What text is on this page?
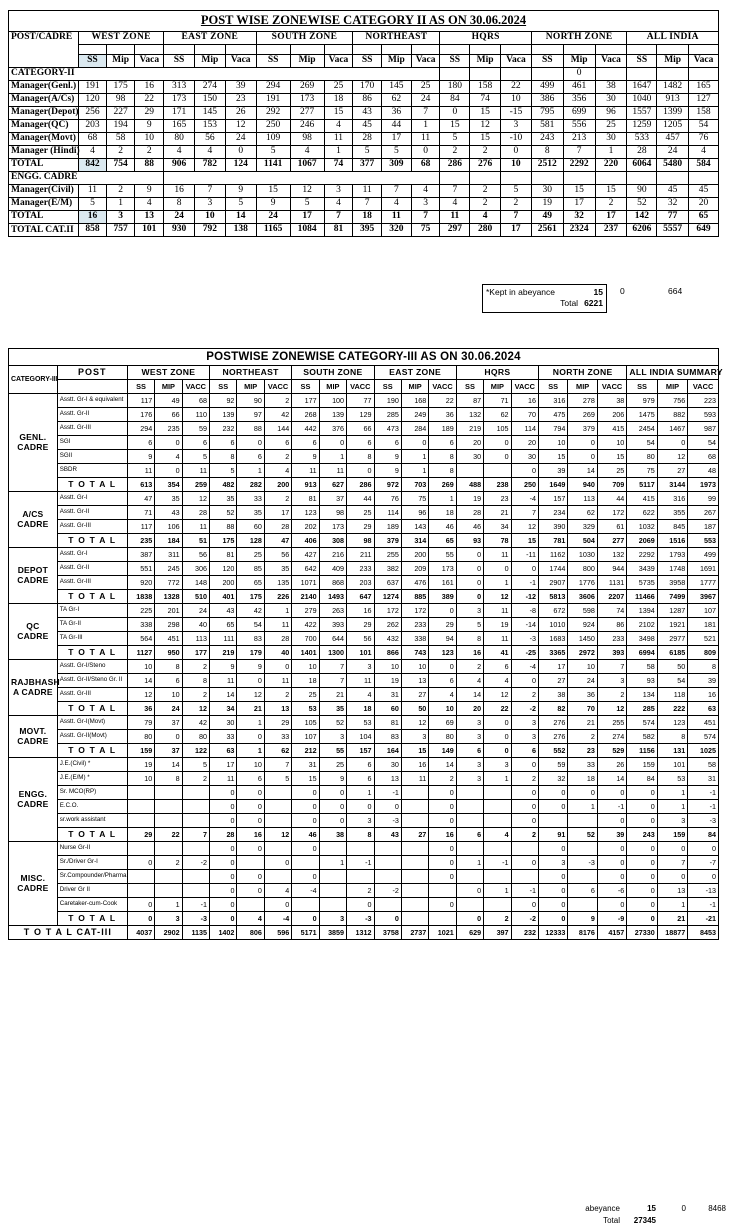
POST WISE ZONEWISE CATEGORY II AS ON 30.06.2024
POST/CADRE	WEST ZONE			EAST ZONE			SOUTH ZONE			NORTHEAST			HQRS			NORTH ZONE			ALL INDIA		

	SS	Mip	Vaca	SS	Mip	Vaca	SS	Mip	Vaca	SS	Mip	Vaca	SS	Mip	Vaca	SS	Mip	Vaca	SS	Mip	Vaca
CATEGORY-II																	0				
Manager(Genl.)	191	175	16	313	274	39	294	269	25	170	145	25	180	158	22	499	461	38	1647	1482	165
Manager(A/Cs)	120	98	22	173	150	23	191	173	18	86	62	24	84	74	10	386	356	30	1040	913	127
Manager(Depot)	256	227	29	171	145	26	292	277	15	43	36	7	0	15	-15	795	699	96	1557	1399	158
Manager(QC)	203	194	9	165	153	12	250	246	4	45	44	1	15	12	3	581	556	25	1259	1205	54
Manager(Movt)	68	58	10	80	56	24	109	98	11	28	17	11	5	15	-10	243	213	30	533	457	76
Manager (Hindi)	4	2	2	4	4	0	5	4	1	5	5	0	2	2	0	8	7	1	28	24	4
TOTAL	842	754	88	906	782	124	1141	1067	74	377	309	68	286	276	10	2512	2292	220	6064	5480	584
ENGG. CADRE																					
Manager(Civil)	11	2	9	16	7	9	15	12	3	11	7	4	7	2	5	30	15	15	90	45	45
Manager(E/M)	5	1	4	8	3	5	9	5	4	7	4	3	4	2	2	19	17	2	52	32	20
TOTAL	16	3	13	24	10	14	24	17	7	18	11	7	11	4	7	49	32	17	142	77	65
TOTAL CAT.II	858	757	101	930	792	138	1165	1084	81	395	320	75	297	280	17	2561	2324	237	6206	5557	649
*Kept in abeyance	15
Total 6221
0	664
POSTWISE ZONEWISE CATEGORY-III AS ON 30.06.2024
CATEGORY-III	POST	WEST ZONE			NORTHEAST			SOUTH ZONE			EAST ZONE			HQRS			NORTH ZONE			ALL INDIA SUMMARY		
		SS	MIP	VACC	SS	MIP	VACC	SS	MIP	VACC	SS	MIP	VACC	SS	MIP	VACC	SS	MIP	VACC	SS	MIP	VACC
GENL.
CADRE	Asstt. Gr-I & equivalent	117	49	68	92	90	2	177	100	77	190	168	22	87	71	16	316	278	38	979	756	223
	Asstt. Gr-II	176	66	110	139	97	42	268	139	129	285	249	36	132	62	70	475	269	206	1475	882	593
	Asstt. Gr-III	294	235	59	232	88	144	442	376	66	473	284	189	219	105	114	794	379	415	2454	1467	987
	SGI	6	0	6	6	0	6	6	0	6	6	0	6	20	0	20	10	0	10	54	0	54
	SGII	9	4	5	8	6	2	9	1	8	9	1	8	30	0	30	15	0	15	80	12	68
	SBDR	11	0	11	5	1	4	11	11	0	9	1	8			0	39	14	25	75	27	48
	T O T A L	613	354	259	482	282	200	913	627	286	972	703	269	488	238	250	1649	940	709	5117	3144	1973
A/CS
CADRE	Asstt. Gr-I	47	35	12	35	33	2	81	37	44	76	75	1	19	23	-4	157	113	44	415	316	99
	Asstt. Gr-II	71	43	28	52	35	17	123	98	25	114	96	18	28	21	7	234	62	172	622	355	267
	Asstt. Gr-III	117	106	11	88	60	28	202	173	29	189	143	46	46	34	12	390	329	61	1032	845	187
	T O T A L	235	184	51	175	128	47	406	308	98	379	314	65	93	78	15	781	504	277	2069	1516	553
DEPOT
CADRE	Asstt. Gr-I	387	311	56	81	25	56	427	216	211	255	200	55	0	11	-11	1162	1030	132	2292	1793	499
	Asstt. Gr-II	551	245	306	120	85	35	642	409	233	382	209	173	0	0	0	1744	800	944	3439	1748	1691
	Asstt. Gr-III	920	772	148	200	65	135	1071	868	203	637	476	161	0	1	-1	2907	1776	1131	5735	3958	1777
	T O T A L	1838	1328	510	401	175	226	2140	1493	647	1274	885	389	0	12	-12	5813	3606	2207	11466	7499	3967
QC
CADRE	TA Gr-I	225	201	24	43	42	1	279	263	16	172	172	0	3	11	-8	672	598	74	1394	1287	107
	TA Gr-II	338	298	40	65	54	11	422	393	29	262	233	29	5	19	-14	1010	924	86	2102	1921	181
	TA Gr-III	564	451	113	111	83	28	700	644	56	432	338	94	8	11	-3	1683	1450	233	3498	2977	521
	T O T A L	1127	950	177	219	179	40	1401	1300	101	866	743	123	16	41	-25	3365	2972	393	6994	6185	809
RAJBHASH
A CADRE	Asstt. Gr-I/Steno	10	8	2	9	9	0	10	7	3	10	10	0	2	6	-4	17	10	7	58	50	8
	Asstt. Gr-II/Steno Gr. II	14	6	8	11	0	11	18	7	11	19	13	6	4	4	0	27	24	3	93	54	39
	Asstt. Gr-III	12	10	2	14	12	2	25	21	4	31	27	4	14	12	2	38	36	2	134	118	16
	T O T A L	36	24	12	34	21	13	53	35	18	60	50	10	20	22	-2	82	70	12	285	222	63
MOVT.
CADRE	Asstt. Gr-I(Movt)	79	37	42	30	1	29	105	52	53	81	12	69	3	0	3	276	21	255	574	123	451
	Asstt. Gr-II(Movt)	80	0	80	33	0	33	107	3	104	83	3	80	3	0	3	276	2	274	582	8	574
	T O T A L	159	37	122	63	1	62	212	55	157	164	15	149	6	0	6	552	23	529	1156	131	1025
ENGG.
CADRE	J.E.(Civil) *	19	14	5	17	10	7	31	25	6	30	16	14	3	3	0	59	33	26	159	101	58
	J.E.(E/M) *	10	8	2	11	6	5	15	9	6	13	11	2	3	1	2	32	18	14	84	53	31
	Sr. MCO(RP)				0	0		0	0	1	-1		0			0	0	0	0	0	1	-1
	E.C.O.				0	0		0	0	0	0		0			0	0	1	-1	0	1	-1
	sr.work assistant				0	0		0	0	3	-3		0			0			0	0	3	-3
	T O T A L	29	22	7	28	16	12	46	38	8	43	27	16	6	4	2	91	52	39	243	159	84
MISC.
CADRE	Nurse Gr-II				0	0		0					0				0		0	0	0	0
	Sr./Driver Gr-I	0	2	-2	0		0		1	-1			0	1	-1	0	3	-3	0	0	7	-7
	Sr.Compounder/Pharma.				0	0		0					0				0		0	0	0	0
	Driver Gr II				0	0	4	-4		2	-2			0	1	-1	0	6	-6	0	13	-13
	Caretaker-cum-Cook	0	1	-1	0		0			0			0			0	0		0	0	1	-1
	T O T A L	0	3	-3	0	4	-4	0	3	-3	0			0	2	-2	0	9	-9	0	21	-21
T O T A L CAT-III		4037	2902	1135	1402	806	596	5171	3859	1312	3758	2737	1021	629	397	232	12333	8176	4157	27330	18877	8453
abeyance	15	0	8468
Total	27345
